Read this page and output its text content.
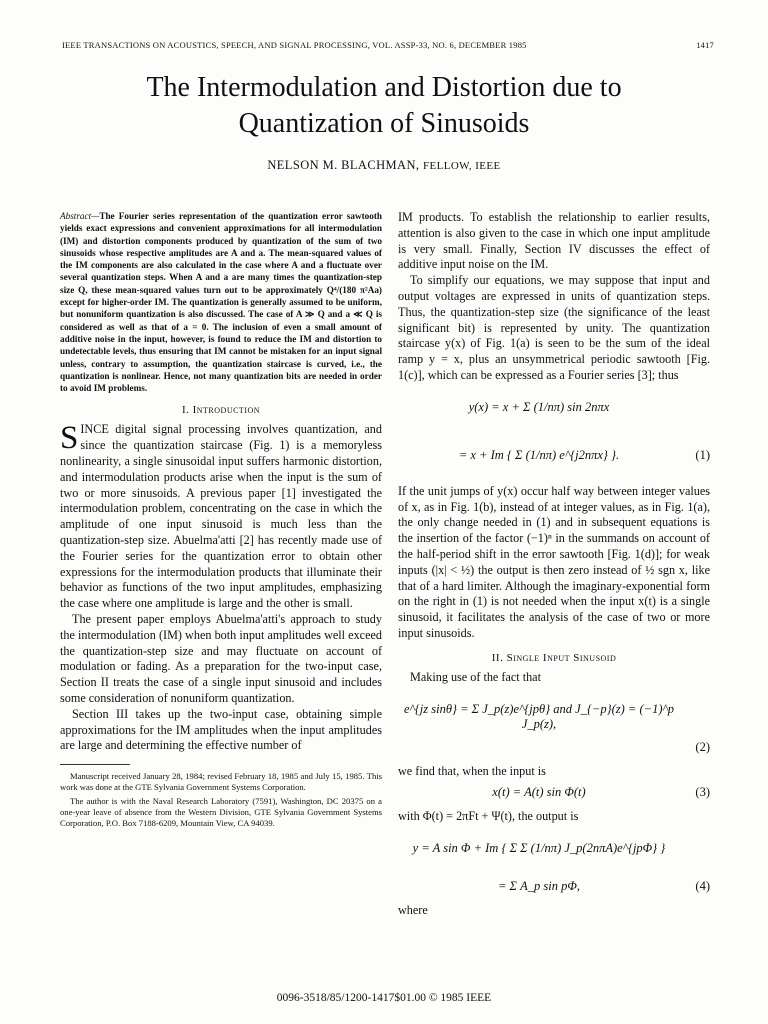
IEEE TRANSACTIONS ON ACOUSTICS, SPEECH, AND SIGNAL PROCESSING, VOL. ASSP-33, NO. 6, DECEMBER 1985	1417
The Intermodulation and Distortion due to
Quantization of Sinusoids
NELSON M. BLACHMAN, FELLOW, IEEE

Abstract—The Fourier series representation of the quantization error sawtooth yields exact expressions and convenient approximations for all intermodulation (IM) and distortion components produced by quantization of the sum of two sinusoids whose respective amplitudes are A and a. The mean-squared values of the IM components are also calculated in the case where A and a fluctuate over several quantization steps. When A and a are many times the quantization-step size Q, these mean-squared values turn out to be approximately Q⁴/(180 π²Aa) except for higher-order IM. The quantization is generally assumed to be uniform, but nonuniform quantization is also discussed. The case of A ≫ Q and a ≪ Q is considered as well as that of a = 0. The inclusion of even a small amount of additive noise in the input, however, is found to reduce the IM and distortion to undetectable levels, thus ensuring that IM cannot be mistaken for an input signal unless, contrary to assumption, the quantization staircase is curved, i.e., the quantization is nonlinear. Hence, not many quantization bits are needed in order to avoid IM problems.

I. Introduction

SINCE digital signal processing involves quantization, and since the quantization staircase (Fig. 1) is a memoryless nonlinearity, a single sinusoidal input suffers harmonic distortion, and intermodulation products arise when the input is the sum of two or more sinusoids. A previous paper [1] investigated the intermodulation problem, concentrating on the case in which the amplitude of one input sinusoid is much less than the quantization-step size. Abuelma'atti [2] has recently made use of the Fourier series for the quantization error to obtain other expressions for the intermodulation products that illuminate their behavior as functions of the two input amplitudes, emphasizing the case where one amplitude is large and the other is small.

The present paper employs Abuelma'atti's approach to study the intermodulation (IM) when both input amplitudes well exceed the quantization-step size and may fluctuate on account of modulation or fading. As a preparation for the two-input case, Section II treats the case of a single input sinusoid and includes some consideration of nonuniform quantization.

Section III takes up the two-input case, obtaining simple approximations for the IM amplitudes when the input amplitudes are large and determining the effective number of

Manuscript received January 28, 1984; revised February 18, 1985 and July 15, 1985. This work was done at the GTE Sylvania Government Systems Corporation.

The author is with the Naval Research Laboratory (7591), Washington, DC 20375 on a one-year leave of absence from the Western Division, GTE Sylvania Government Systems Corporation, P.O. Box 7188-6209, Mountain View, CA 94039.

IM products. To establish the relationship to earlier results, attention is also given to the case in which one input amplitude is very small. Finally, Section IV discusses the effect of additive input noise on the IM.

To simplify our equations, we may suppose that input and output voltages are expressed in units of quantization steps. Thus, the quantization-step size (the significance of the least significant bit) is represented by unity. The quantization staircase y(x) of Fig. 1(a) is seen to be the sum of the ideal ramp y = x, plus an unsymmetrical periodic sawtooth [Fig. 1(c)], which can be expressed as a Fourier series [3]; thus

y(x) = x + Σ (1/nπ) sin 2nπx
= x + Im { Σ (1/nπ) e^{j2nπx} }.	(1)

If the unit jumps of y(x) occur half way between integer values of x, as in Fig. 1(b), instead of at integer values, as in Fig. 1(a), the only change needed in (1) and in subsequent equations is the insertion of the factor (−1)ⁿ in the summands on account of the half-period shift in the error sawtooth [Fig. 1(d)]; for weak inputs (|x| < ½) the output is then zero instead of ½ sgn x, like that of a hard limiter. Although the imaginary-exponential form on the right in (1) is not needed when the input x(t) is a single sinusoid, it facilitates the analysis of the case of two or more input sinusoids.

II. Single Input Sinusoid

Making use of the fact that

e^{jz sinθ} = Σ J_p(z)e^{jpθ} and J_{−p}(z) = (−1)^p J_p(z),
(2)

we find that, when the input is

x(t) = A(t) sin Φ(t)	(3)

with Φ(t) = 2πFt + Ψ(t), the output is

y = A sin Φ + Im { Σ Σ (1/nπ) J_p(2nπA)e^{jpΦ} }
= Σ A_p sin pΦ,	(4)

where

0096-3518/85/1200-1417$01.00 © 1985 IEEE
